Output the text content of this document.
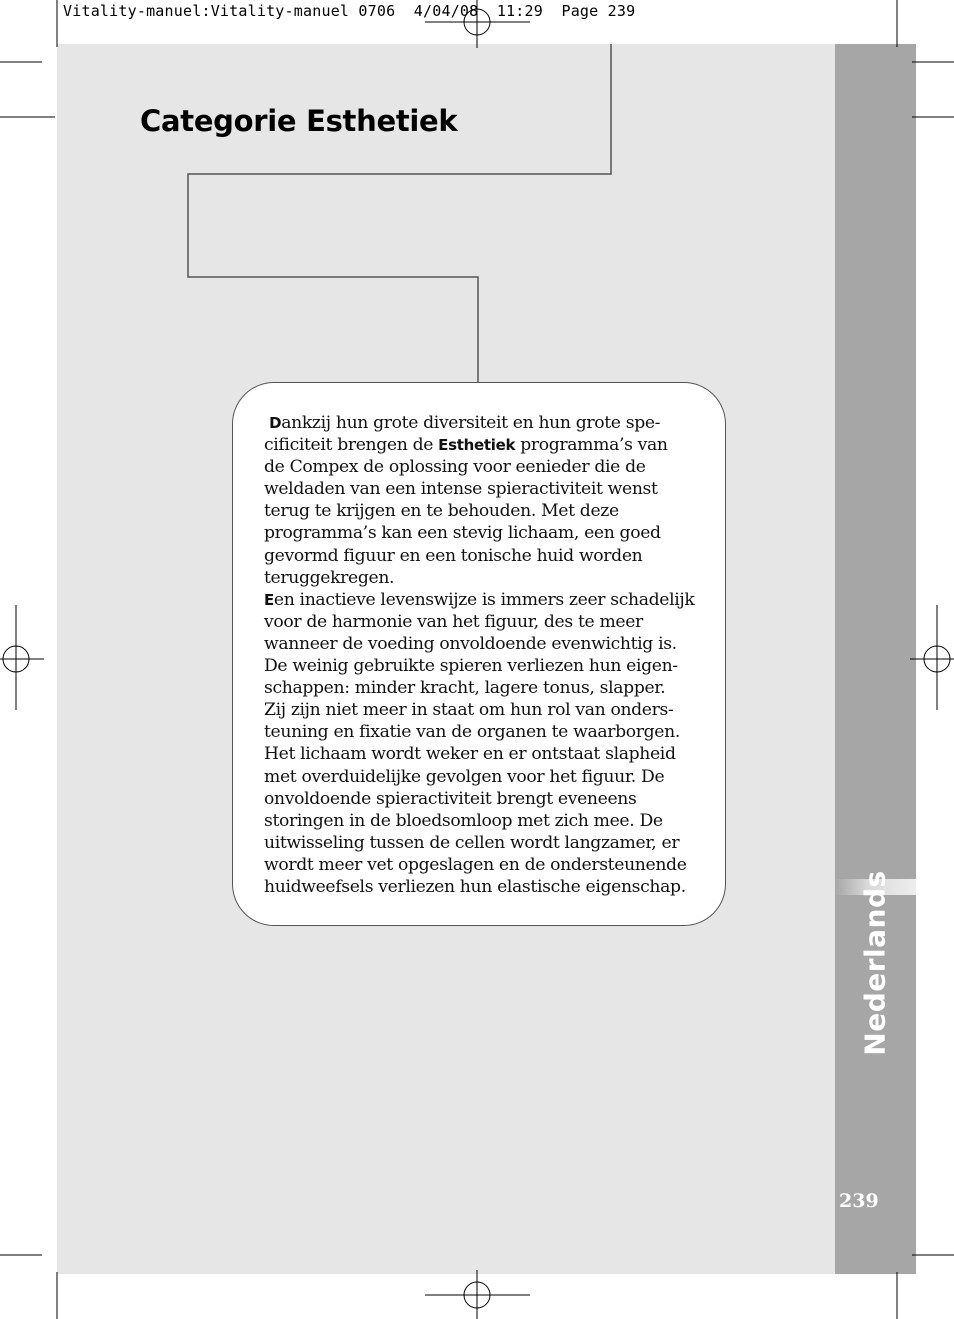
Nederlands
239
Vitality-manuel:Vitality-manuel 0706  4/04/08  11:29  Page 239
Categorie Esthetiek
Dankzij hun grote diversiteit en hun grote spe-
cificiteit brengen de Esthetiek programma’s van
de Compex de oplossing voor eenieder die de
weldaden van een intense spieractiviteit wenst
terug te krijgen en te behouden. Met deze
programma’s kan een stevig lichaam, een goed
gevormd figuur en een tonische huid worden
teruggekregen.
Een inactieve levenswijze is immers zeer schadelijk
voor de harmonie van het figuur, des te meer
wanneer de voeding onvoldoende evenwichtig is.
De weinig gebruikte spieren verliezen hun eigen-
schappen: minder kracht, lagere tonus, slapper.
Zij zijn niet meer in staat om hun rol van onders-
teuning en fixatie van de organen te waarborgen.
Het lichaam wordt weker en er ontstaat slapheid
met overduidelijke gevolgen voor het figuur. De
onvoldoende spieractiviteit brengt eveneens
storingen in de bloedsomloop met zich mee. De
uitwisseling tussen de cellen wordt langzamer, er
wordt meer vet opgeslagen en de ondersteunende
huidweefsels verliezen hun elastische eigenschap.
